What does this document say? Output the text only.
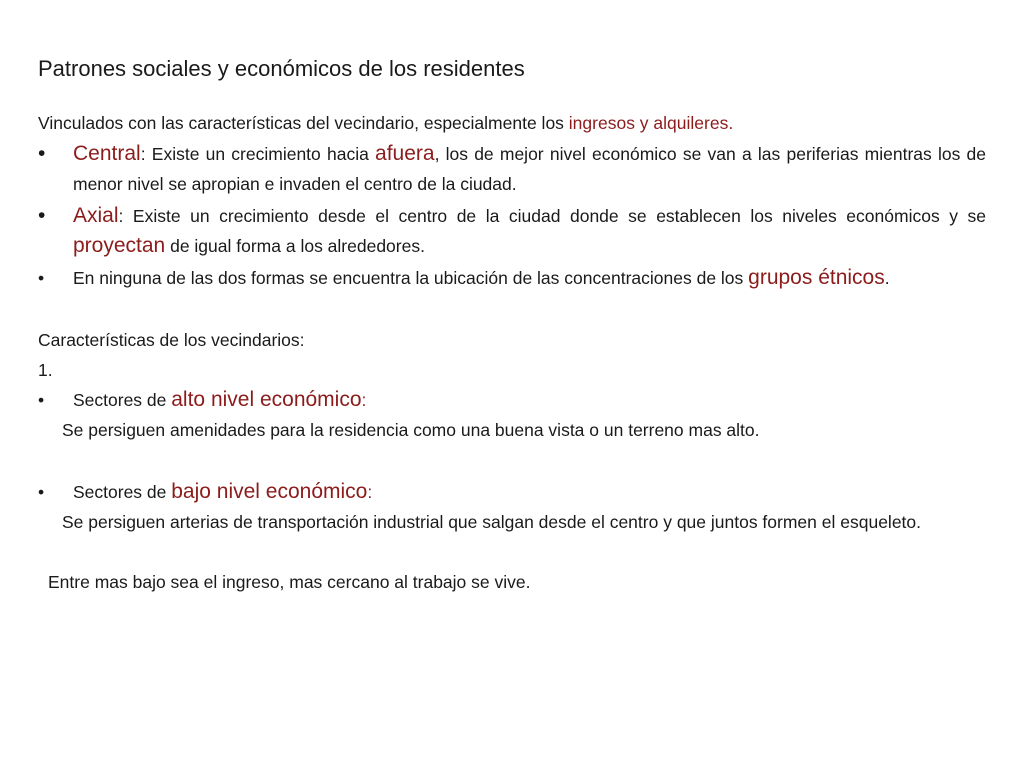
Patrones sociales y económicos de los residentes
Vinculados con las características del vecindario, especialmente los ingresos y alquileres.
•	Central: Existe un crecimiento hacia afuera, los de mejor nivel económico se van a las periferias mientras los de menor nivel se apropian e invaden el centro de la ciudad.
•	Axial: Existe un crecimiento desde el centro de la ciudad donde se establecen los niveles económicos y se proyectan de igual forma a los alrededores.
•	En ninguna de las dos formas se encuentra la ubicación de las concentraciones de los grupos étnicos.
Características de los vecindarios:
1.
•	Sectores de alto nivel económico:
Se persiguen amenidades para la residencia como una buena vista o un terreno mas alto.
•	Sectores de bajo nivel económico:
Se persiguen arterias de transportación industrial que salgan desde el centro y que juntos formen el esqueleto.
Entre mas bajo sea el ingreso, mas cercano al trabajo se vive.
